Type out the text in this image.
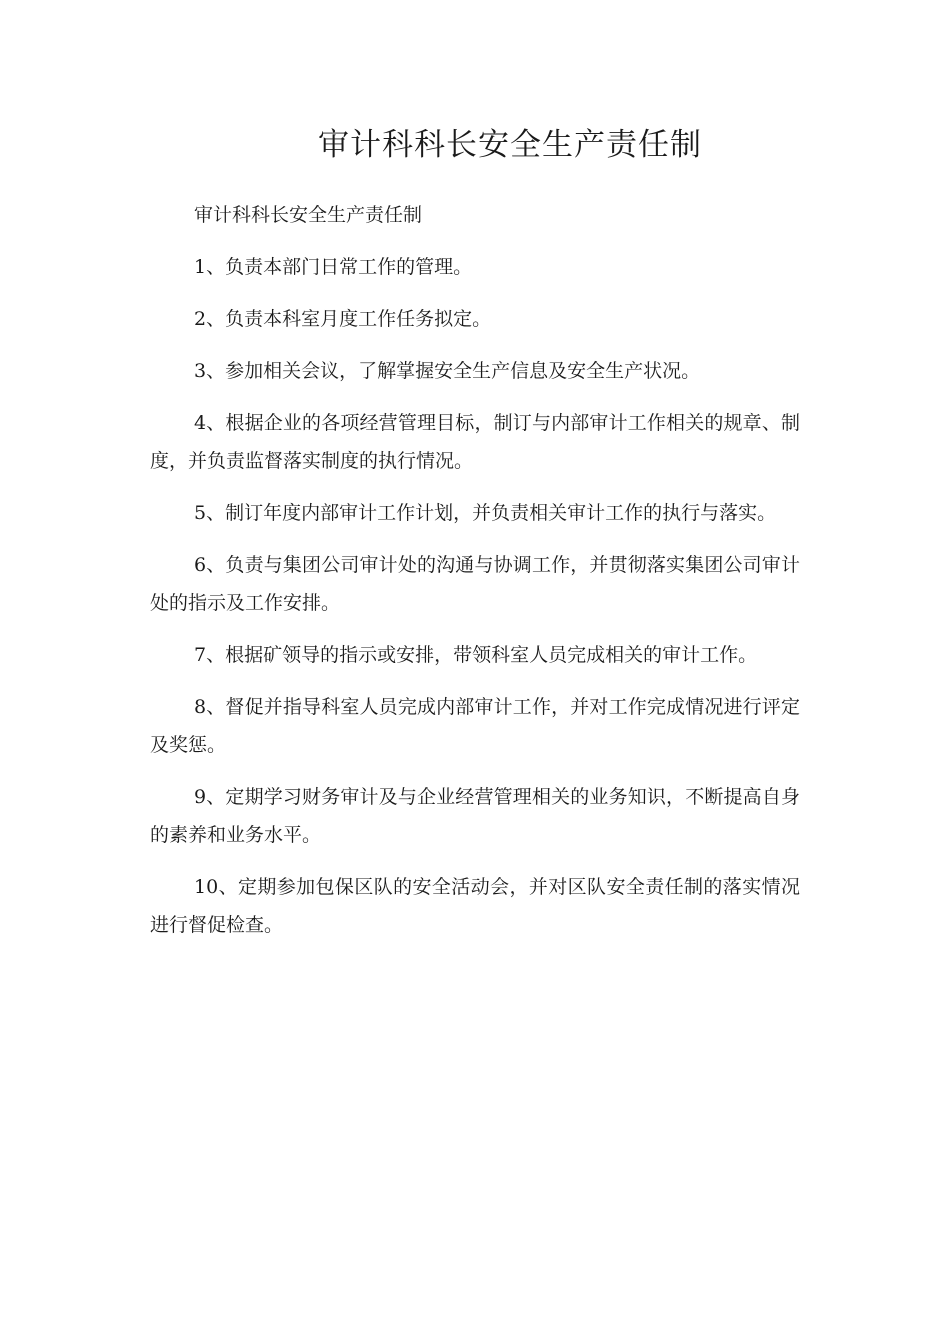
审计科科长安全生产责任制

审计科科长安全生产责任制

1、负责本部门日常工作的管理。

2、负责本科室月度工作任务拟定。

3、参加相关会议，了解掌握安全生产信息及安全生产状况。

4、根据企业的各项经营管理目标，制订与内部审计工作相关的规章、制度，并负责监督落实制度的执行情况。

5、制订年度内部审计工作计划，并负责相关审计工作的执行与落实。

6、负责与集团公司审计处的沟通与协调工作，并贯彻落实集团公司审计处的指示及工作安排。

7、根据矿领导的指示或安排，带领科室人员完成相关的审计工作。

8、督促并指导科室人员完成内部审计工作，并对工作完成情况进行评定及奖惩。

9、定期学习财务审计及与企业经营管理相关的业务知识，不断提高自身的素养和业务水平。

10、定期参加包保区队的安全活动会，并对区队安全责任制的落实情况进行督促检查。
